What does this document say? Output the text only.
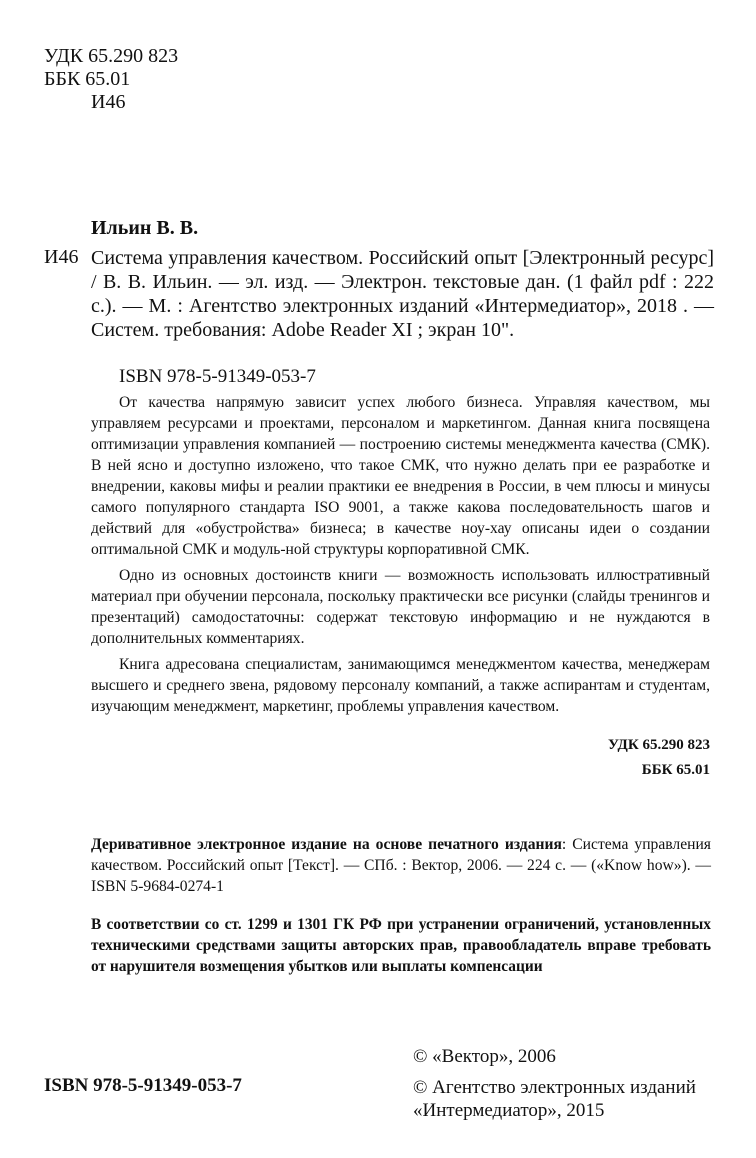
УДК 65.290 823
ББК 65.01
И46
Ильин В. В.
И46 Система управления качеством. Российский опыт [Электронный ресурс] / В. В. Ильин. — эл. изд. — Электрон. текстовые дан. (1 файл pdf : 222 с.). — М. : Агентство электронных изданий «Интермедиатор», 2018 . — Систем. требования: Adobe Reader XI ; экран 10".
ISBN 978-5-91349-053-7

От качества напрямую зависит успех любого бизнеса. Управляя качеством, мы управляем ресурсами и проектами, персоналом и маркетингом. Данная книга посвящена оптимизации управления компанией — построению системы менеджмента качества (СМК). В ней ясно и доступно изложено, что такое СМК, что нужно делать при ее разработке и внедрении, каковы мифы и реалии практики ее внедрения в России, в чем плюсы и минусы самого популярного стандарта ISO 9001, а также какова последовательность шагов и действий для «обустройства» бизнеса; в качестве ноу-хау описаны идеи о создании оптимальной СМК и модуль-ной структуры корпоративной СМК.

Одно из основных достоинств книги — возможность использовать иллюстративный материал при обучении персонала, поскольку практически все рисунки (слайды тренингов и презентаций) самодостаточны: содержат текстовую информацию и не нуждаются в дополнительных комментариях.

Книга адресована специалистам, занимающимся менеджментом качества, менеджерам высшего и среднего звена, рядовому персоналу компаний, а также аспирантам и студентам, изучающим менеджмент, маркетинг, проблемы управления качеством.

УДК 65.290 823
ББК 65.01
Деривативное электронное издание на основе печатного издания: Система управления качеством. Российский опыт [Текст]. — СПб. : Вектор, 2006. — 224 с. — («Know how»). — ISBN 5-9684-0274-1
В соответствии со ст. 1299 и 1301 ГК РФ при устранении ограничений, установленных техническими средствами защиты авторских прав, правообладатель вправе требовать от нарушителя возмещения убытков или выплаты компенсации
ISBN 978-5-91349-053-7
© «Вектор», 2006
© Агентство электронных изданий
«Интермедиатор», 2015
